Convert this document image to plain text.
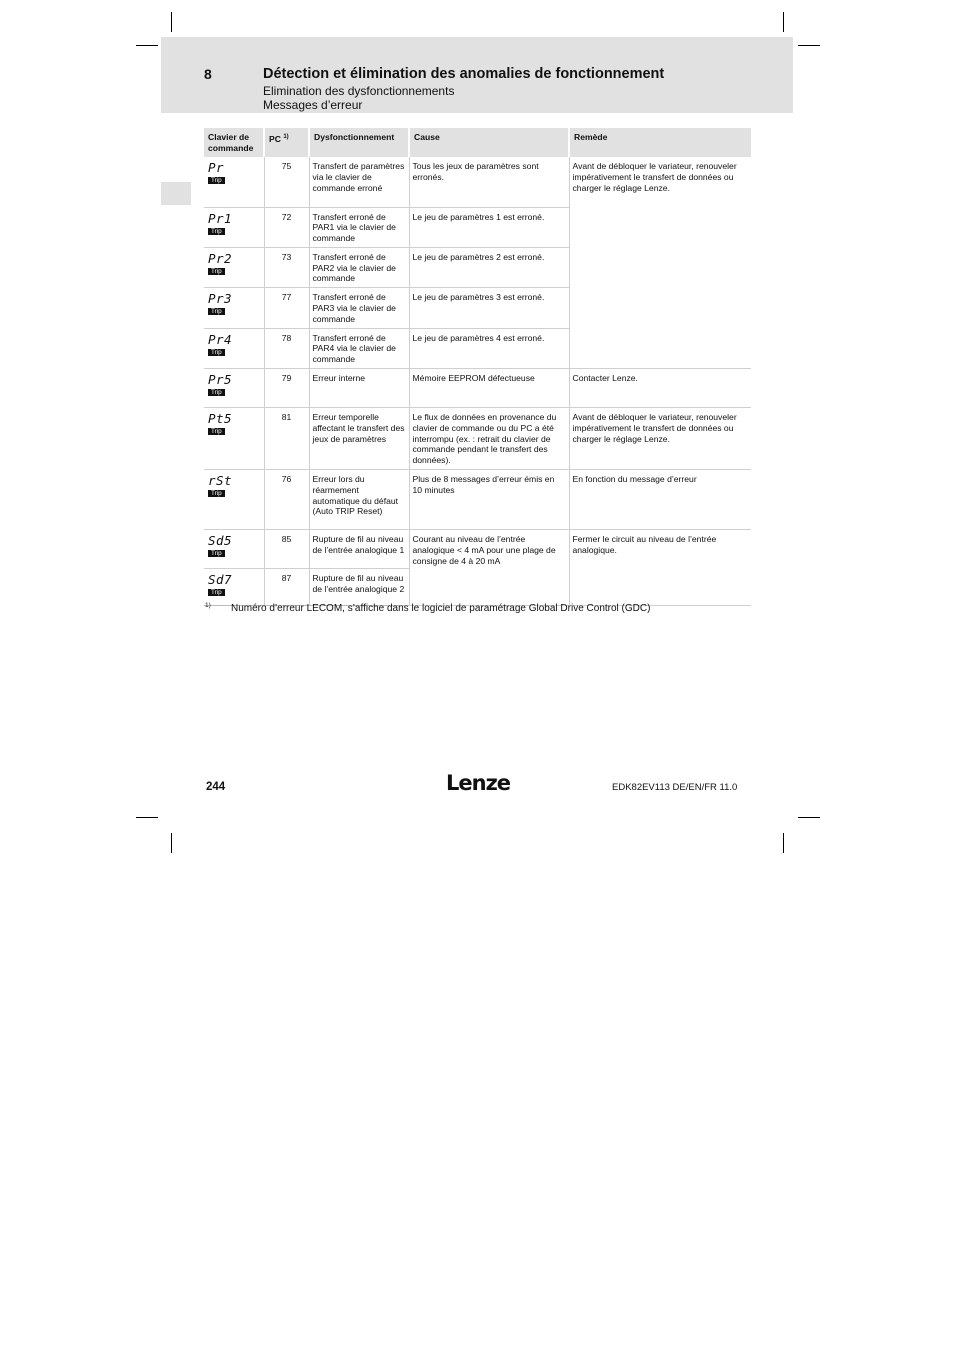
8	Détection et élimination des anomalies de fonctionnement
Elimination des dysfonctionnements
Messages d’erreur
Clavier de commande	PC $^{1)}$	Dysfonctionnement	Cause	Remède

Pr
Trip	75	Transfert de paramètres via le clavier de commande erroné	Tous les jeux de paramètres sont erronés.	Avant de débloquer le variateur, renouveler impérativement le transfert de données ou charger le réglage Lenze.

Pr1
Trip	72	Transfert erroné de PAR1 via le clavier de commande	Le jeu de paramètres 1 est erroné.	

Pr2
Trip	73	Transfert erroné de PAR2 via le clavier de commande	Le jeu de paramètres 2 est erroné.	

Pr3
Trip	77	Transfert erroné de PAR3 via le clavier de commande	Le jeu de paramètres 3 est erroné.	

Pr4
Trip	78	Transfert erroné de PAR4 via le clavier de commande	Le jeu de paramètres 4 est erroné.	

Pr5
Trip	79	Erreur interne	Mémoire EEPROM défectueuse	Contacter Lenze.

Pt5
Trip	81	Erreur temporelle affectant le transfert des jeux de paramètres	Le flux de données en provenance du clavier de commande ou du PC a été interrompu (ex. : retrait du clavier de commande pendant le transfert des données).	Avant de débloquer le variateur, renouveler impérativement le transfert de données ou charger le réglage Lenze.

rSt
Trip	76	Erreur lors du réarmement automatique du défaut (Auto TRIP Reset)	Plus de 8 messages d’erreur émis en 10 minutes	En fonction du message d’erreur

Sd5
Trip	85	Rupture de fil au niveau de l’entrée analogique 1	Courant au niveau de l’entrée analogique < 4 mA pour une plage de consigne de 4 à 20 mA	Fermer le circuit au niveau de l’entrée analogique.

Sd7
Trip	87	Rupture de fil au niveau de l’entrée analogique 2		
1) Numéro d’erreur LECOM, s’affiche dans le logiciel de paramétrage Global Drive Control (GDC)
244	Lenze	EDK82EV113 DE/EN/FR 11.0
